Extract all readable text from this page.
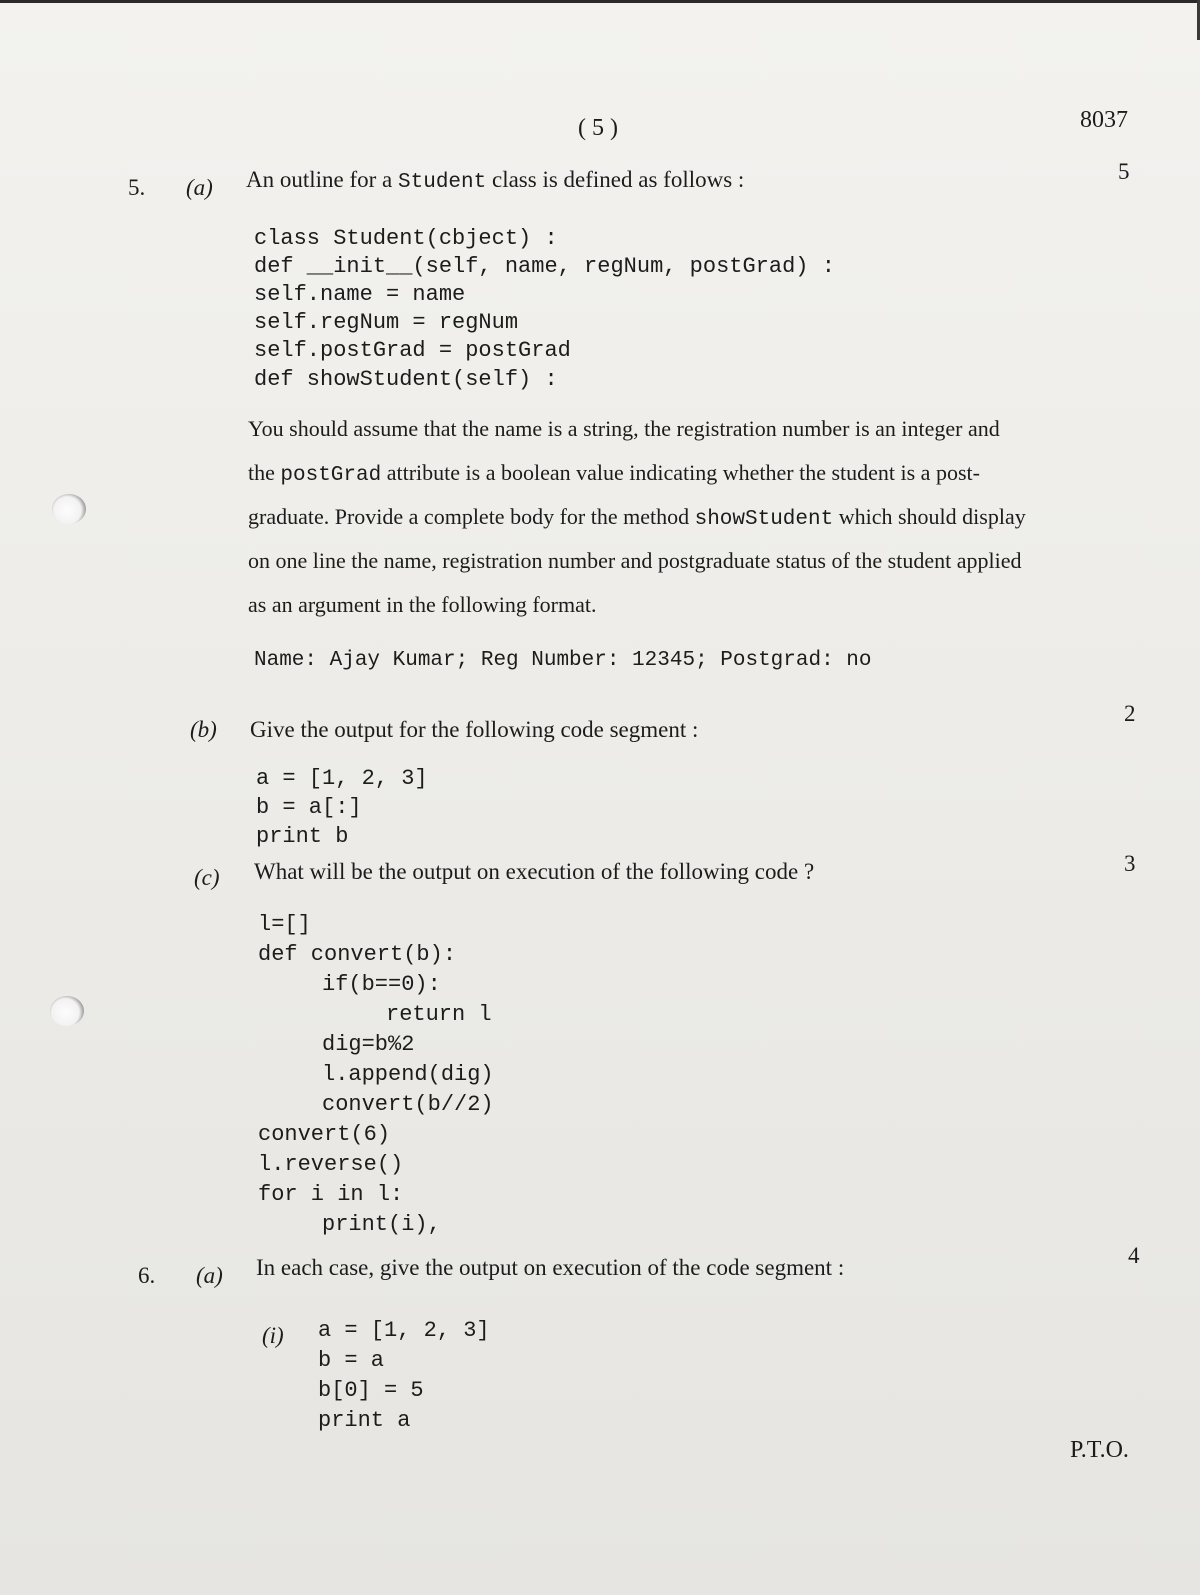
( 5 )	8037
5. (a) An outline for a Student class is defined as follows :	5
class Student(cbject) :
def __init__(self, name, regNum, postGrad) :
self.name = name
self.regNum = regNum
self.postGrad = postGrad
def showStudent(self) :
You should assume that the name is a string, the registration number is an integer and
the postGrad attribute is a boolean value indicating whether the student is a post-
graduate. Provide a complete body for the method showStudent which should display
on one line the name, registration number and postgraduate status of the student applied
as an argument in the following format.
Name: Ajay Kumar; Reg Number: 12345; Postgrad: no
(b) Give the output for the following code segment :
2
a = [1, 2, 3]
b = a[:]
print b
(c) What will be the output on execution of the following code ?	3
l=[]
def convert(b):
if(b==0):
return l
dig=b%2
l.append(dig)
convert(b//2)
convert(6)
l.reverse()
for i in l:
print(i),
6. (a) In each case, give the output on execution of the code segment :	4
(i) a = [1, 2, 3]
b = a
b[0] = 5
print a
P.T.O.
